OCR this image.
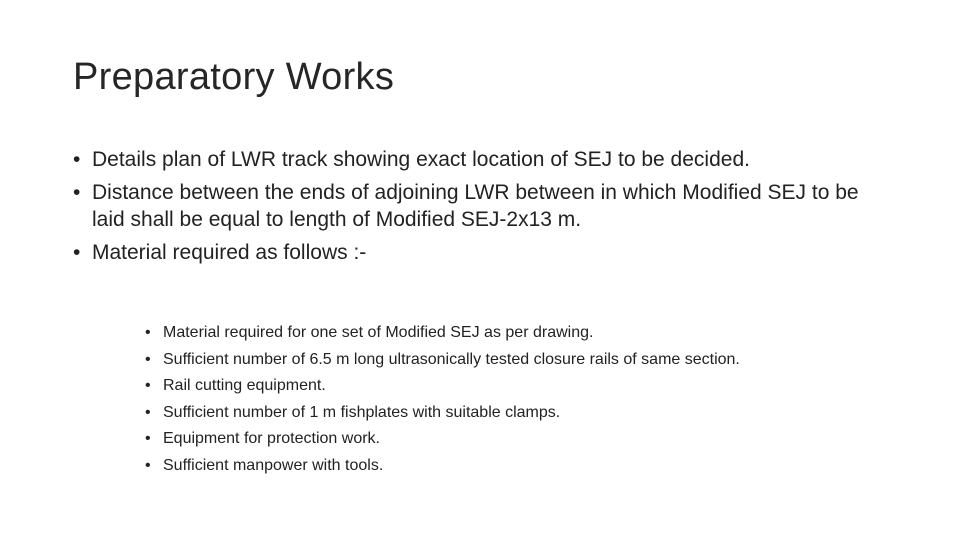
Preparatory Works
• Details plan of LWR track showing exact location of SEJ to be decided.
• Distance between the ends of adjoining LWR between in which Modified SEJ to be laid shall be equal to length of Modified SEJ-2x13 m.
• Material required as follows :-
• Material required for one set of Modified SEJ as per drawing.
• Sufficient number of 6.5 m long ultrasonically tested closure rails of same section.
• Rail cutting equipment.
• Sufficient number of 1 m fishplates with suitable clamps.
• Equipment for protection work.
• Sufficient manpower with tools.
